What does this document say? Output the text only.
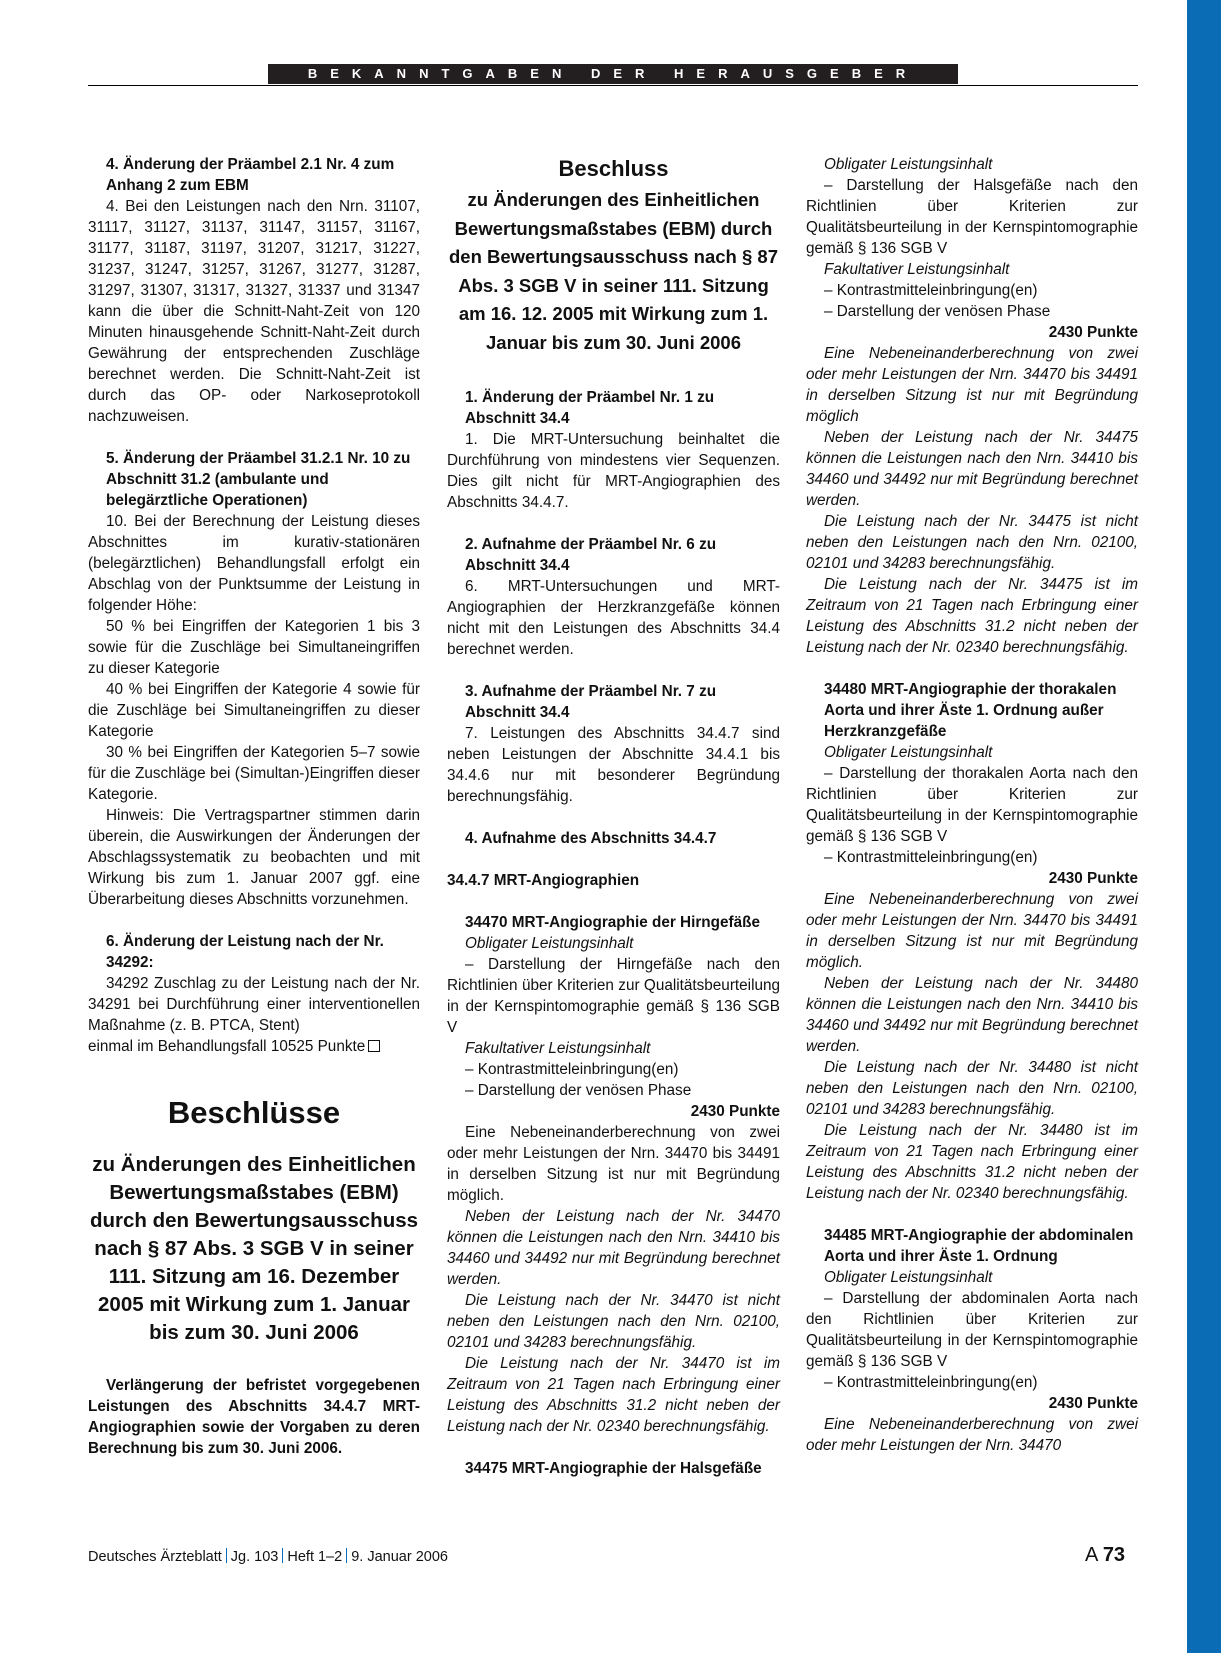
BEKANNTGABEN DER HERAUSGEBER
4. Änderung der Präambel 2.1 Nr. 4 zum Anhang 2 zum EBM
4. Bei den Leistungen nach den Nrn. 31107, 31117, 31127, 31137, 31147, 31157, 31167, 31177, 31187, 31197, 31207, 31217, 31227, 31237, 31247, 31257, 31267, 31277, 31287, 31297, 31307, 31317, 31327, 31337 und 31347 kann die über die Schnitt-Naht-Zeit von 120 Minuten hinausgehende Schnitt-Naht-Zeit durch Gewährung der entsprechenden Zuschläge berechnet werden. Die Schnitt-Naht-Zeit ist durch das OP- oder Narkoseprotokoll nachzuweisen.
5. Änderung der Präambel 31.2.1 Nr. 10 zu Abschnitt 31.2 (ambulante und belegärztliche Operationen)
10. Bei der Berechnung der Leistung dieses Abschnittes im kurativ-stationären (belegärztlichen) Behandlungsfall erfolgt ein Abschlag von der Punktsumme der Leistung in folgender Höhe:
50 % bei Eingriffen der Kategorien 1 bis 3 sowie für die Zuschläge bei Simultaneingriffen zu dieser Kategorie
40 % bei Eingriffen der Kategorie 4 sowie für die Zuschläge bei Simultaneingriffen zu dieser Kategorie
30 % bei Eingriffen der Kategorien 5–7 sowie für die Zuschläge bei (Simultan-)Eingriffen dieser Kategorie.
Hinweis: Die Vertragspartner stimmen darin überein, die Auswirkungen der Änderungen der Abschlagssystematik zu beobachten und mit Wirkung bis zum 1. Januar 2007 ggf. eine Überarbeitung dieses Abschnitts vorzunehmen.
6. Änderung der Leistung nach der Nr. 34292:
34292 Zuschlag zu der Leistung nach der Nr. 34291 bei Durchführung einer interventionellen Maßnahme (z. B. PTCA, Stent)
einmal im Behandlungsfall 10525 Punkte
Beschlüsse
zu Änderungen des Einheitlichen Bewertungsmaßstabes (EBM) durch den Bewertungsausschuss nach § 87 Abs. 3 SGB V in seiner 111. Sitzung am 16. Dezember 2005 mit Wirkung zum 1. Januar bis zum 30. Juni 2006
Verlängerung der befristet vorgegebenen Leistungen des Abschnitts 34.4.7 MRT-Angiographien sowie der Vorgaben zu deren Berechnung bis zum 30. Juni 2006.
Beschluss
zu Änderungen des Einheitlichen Bewertungsmaßstabes (EBM) durch den Bewertungsausschuss nach § 87 Abs. 3 SGB V in seiner 111. Sitzung am 16. 12. 2005 mit Wirkung zum 1. Januar bis zum 30. Juni 2006
1. Änderung der Präambel Nr. 1 zu Abschnitt 34.4
1. Die MRT-Untersuchung beinhaltet die Durchführung von mindestens vier Sequenzen. Dies gilt nicht für MRT-Angiographien des Abschnitts 34.4.7.
2. Aufnahme der Präambel Nr. 6 zu Abschnitt 34.4
6. MRT-Untersuchungen und MRT-Angiographien der Herzkranzgefäße können nicht mit den Leistungen des Abschnitts 34.4 berechnet werden.
3. Aufnahme der Präambel Nr. 7 zu Abschnitt 34.4
7. Leistungen des Abschnitts 34.4.7 sind neben Leistungen der Abschnitte 34.4.1 bis 34.4.6 nur mit besonderer Begründung berechnungsfähig.
4. Aufnahme des Abschnitts 34.4.7
34.4.7 MRT-Angiographien
34470 MRT-Angiographie der Hirngefäße
Obligater Leistungsinhalt
– Darstellung der Hirngefäße nach den Richtlinien über Kriterien zur Qualitätsbeurteilung in der Kernspintomographie gemäß § 136 SGB V
Fakultativer Leistungsinhalt
– Kontrastmitteleinbringung(en)
– Darstellung der venösen Phase
2430 Punkte
Eine Nebeneinanderberechnung von zwei oder mehr Leistungen der Nrn. 34470 bis 34491 in derselben Sitzung ist nur mit Begründung möglich.
Neben der Leistung nach der Nr. 34470 können die Leistungen nach den Nrn. 34410 bis 34460 und 34492 nur mit Begründung berechnet werden.
Die Leistung nach der Nr. 34470 ist nicht neben den Leistungen nach den Nrn. 02100, 02101 und 34283 berechnungsfähig.
Die Leistung nach der Nr. 34470 ist im Zeitraum von 21 Tagen nach Erbringung einer Leistung des Abschnitts 31.2 nicht neben der Leistung nach der Nr. 02340 berechnungsfähig.
34475 MRT-Angiographie der Halsgefäße
Obligater Leistungsinhalt
– Darstellung der Halsgefäße nach den Richtlinien über Kriterien zur Qualitätsbeurteilung in der Kernspintomographie gemäß § 136 SGB V
Fakultativer Leistungsinhalt
– Kontrastmitteleinbringung(en)
– Darstellung der venösen Phase
2430 Punkte
Eine Nebeneinanderberechnung von zwei oder mehr Leistungen der Nrn. 34470 bis 34491 in derselben Sitzung ist nur mit Begründung möglich
Neben der Leistung nach der Nr. 34475 können die Leistungen nach den Nrn. 34410 bis 34460 und 34492 nur mit Begründung berechnet werden.
Die Leistung nach der Nr. 34475 ist nicht neben den Leistungen nach den Nrn. 02100, 02101 und 34283 berechnungsfähig.
Die Leistung nach der Nr. 34475 ist im Zeitraum von 21 Tagen nach Erbringung einer Leistung des Abschnitts 31.2 nicht neben der Leistung nach der Nr. 02340 berechnungsfähig.
34480 MRT-Angiographie der thorakalen Aorta und ihrer Äste 1. Ordnung außer Herzkranzgefäße
Obligater Leistungsinhalt
– Darstellung der thorakalen Aorta nach den Richtlinien über Kriterien zur Qualitätsbeurteilung in der Kernspintomographie gemäß § 136 SGB V
– Kontrastmitteleinbringung(en)
2430 Punkte
Eine Nebeneinanderberechnung von zwei oder mehr Leistungen der Nrn. 34470 bis 34491 in derselben Sitzung ist nur mit Begründung möglich.
Neben der Leistung nach der Nr. 34480 können die Leistungen nach den Nrn. 34410 bis 34460 und 34492 nur mit Begründung berechnet werden.
Die Leistung nach der Nr. 34480 ist nicht neben den Leistungen nach den Nrn. 02100, 02101 und 34283 berechnungsfähig.
Die Leistung nach der Nr. 34480 ist im Zeitraum von 21 Tagen nach Erbringung einer Leistung des Abschnitts 31.2 nicht neben der Leistung nach der Nr. 02340 berechnungsfähig.
34485 MRT-Angiographie der abdominalen Aorta und ihrer Äste 1. Ordnung
Obligater Leistungsinhalt
– Darstellung der abdominalen Aorta nach den Richtlinien über Kriterien zur Qualitätsbeurteilung in der Kernspintomographie gemäß § 136 SGB V
– Kontrastmitteleinbringung(en)
2430 Punkte
Eine Nebeneinanderberechnung von zwei oder mehr Leistungen der Nrn. 34470
Deutsches Ärzteblatt Jg. 103 Heft 1–2 9. Januar 2006	A 73
